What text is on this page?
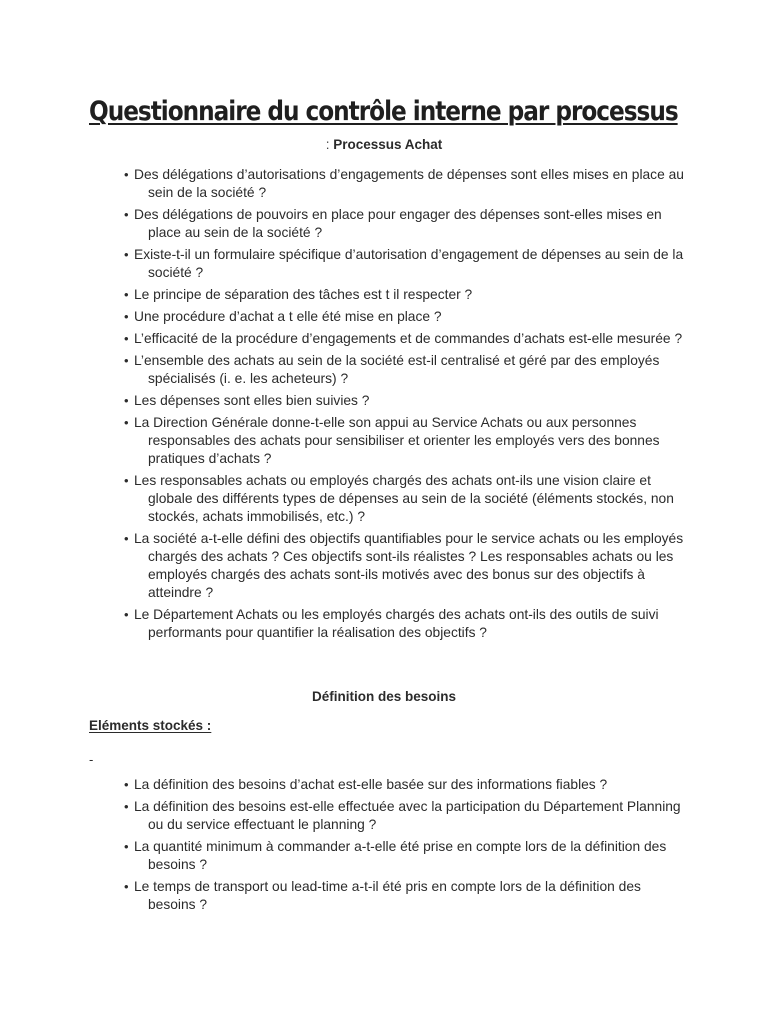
Questionnaire du contrôle interne par processus
: Processus Achat
• Des délégations d’autorisations d’engagements de dépenses sont elles mises en place au sein de la société ?
• Des délégations de pouvoirs en place pour engager des dépenses sont-elles mises en place au sein de la société ?
• Existe-t-il un formulaire spécifique d’autorisation d’engagement de dépenses au sein de la société ?
• Le principe de séparation des tâches est t il respecter ?
• Une procédure d’achat a t elle été mise en place ?
• L’efficacité de la procédure d’engagements et de commandes d’achats est-elle mesurée ?
• L’ensemble des achats au sein de la société est-il centralisé et géré par des employés spécialisés (i. e. les acheteurs) ?
• Les dépenses sont elles bien suivies ?
• La Direction Générale donne-t-elle son appui au Service Achats ou aux personnes responsables des achats pour sensibiliser et orienter les employés vers des bonnes pratiques d’achats ?
• Les responsables achats ou employés chargés des achats ont-ils une vision claire et globale des différents types de dépenses au sein de la société (éléments stockés, non stockés, achats immobilisés, etc.) ?
• La société a-t-elle défini des objectifs quantifiables pour le service achats ou les employés chargés des achats ? Ces objectifs sont-ils réalistes ? Les responsables achats ou les employés chargés des achats sont-ils motivés avec des bonus sur des objectifs à atteindre ?
• Le Département Achats ou les employés chargés des achats ont-ils des outils de suivi performants pour quantifier la réalisation des objectifs ?
Définition des besoins
Eléments stockés :
-
• La définition des besoins d’achat est-elle basée sur des informations fiables ?
• La définition des besoins est-elle effectuée avec la participation du Département Planning ou du service effectuant le planning ?
• La quantité minimum à commander a-t-elle été prise en compte lors de la définition des besoins ?
• Le temps de transport ou lead-time a-t-il été pris en compte lors de la définition des besoins ?
